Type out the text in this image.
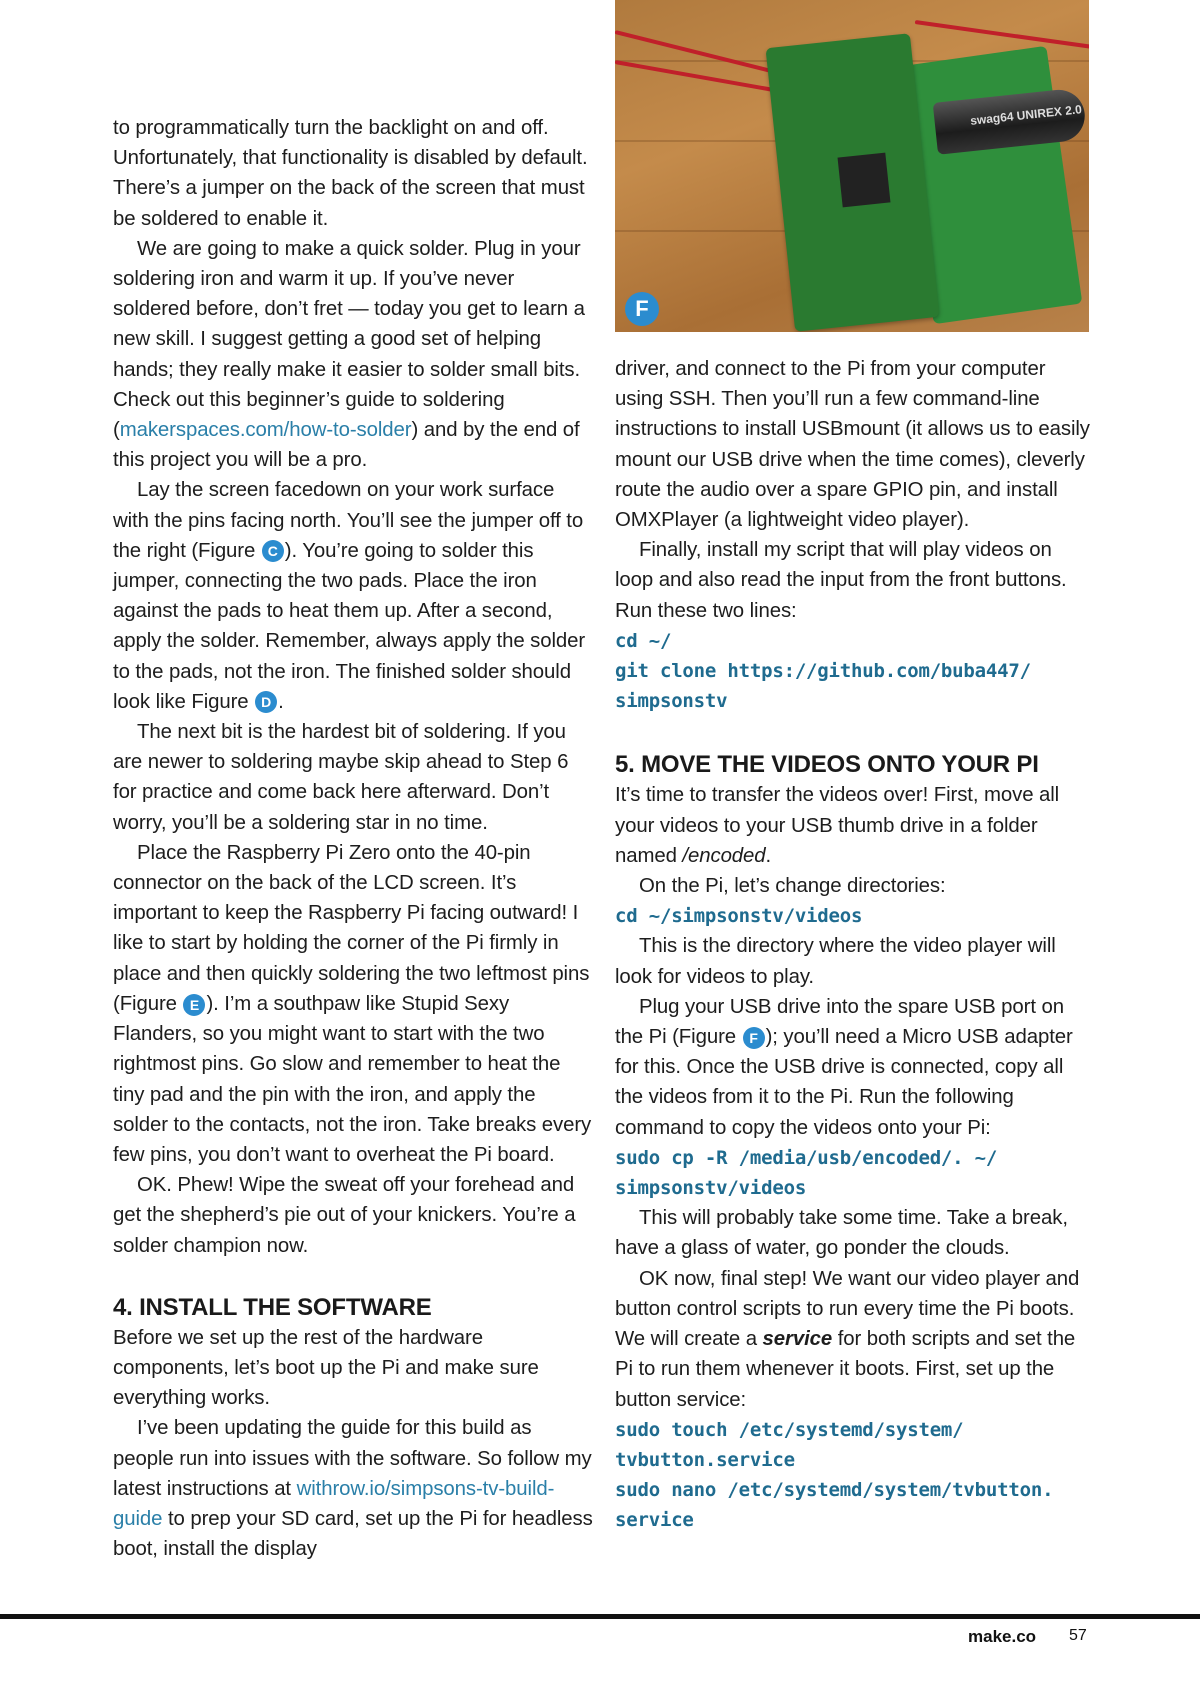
to programmatically turn the backlight on and off. Unfortunately, that functionality is disabled by default. There’s a jumper on the back of the screen that must be soldered to enable it.

We are going to make a quick solder. Plug in your soldering iron and warm it up. If you’ve never soldered before, don’t fret — today you get to learn a new skill. I suggest getting a good set of helping hands; they really make it easier to solder small bits. Check out this beginner’s guide to soldering (makerspaces.com/how-to-solder) and by the end of this project you will be a pro.

Lay the screen facedown on your work surface with the pins facing north. You’ll see the jumper off to the right (Figure C ). You’re going to solder this jumper, connecting the two pads. Place the iron against the pads to heat them up. After a second, apply the solder. Remember, always apply the solder to the pads, not the iron. The finished solder should look like Figure D .

The next bit is the hardest bit of soldering. If you are newer to soldering maybe skip ahead to Step 6 for practice and come back here afterward. Don’t worry, you’ll be a soldering star in no time.

Place the Raspberry Pi Zero onto the 40-pin connector on the back of the LCD screen. It’s important to keep the Raspberry Pi facing outward! I like to start by holding the corner of the Pi firmly in place and then quickly soldering the two leftmost pins (Figure E ). I’m a southpaw like Stupid Sexy Flanders, so you might want to start with the two rightmost pins. Go slow and remember to heat the tiny pad and the pin with the iron, and apply the solder to the contacts, not the iron. Take breaks every few pins, you don’t want to overheat the Pi board.

OK. Phew! Wipe the sweat off your forehead and get the shepherd’s pie out of your knickers. You’re a solder champion now.

4. INSTALL THE SOFTWARE

Before we set up the rest of the hardware components, let’s boot up the Pi and make sure everything works.

I’ve been updating the guide for this build as people run into issues with the software. So follow my latest instructions at withrow.io/simpsons-tv-build-guide to prep your SD card, set up the Pi for headless boot, install the display

swag64 UNIREX 2.0
F

driver, and connect to the Pi from your computer using SSH. Then you’ll run a few command-line instructions to install USBmount (it allows us to easily mount our USB drive when the time comes), cleverly route the audio over a spare GPIO pin, and install OMXPlayer (a lightweight video player).

Finally, install my script that will play videos on loop and also read the input from the front buttons. Run these two lines:

cd ~/
git clone https://github.com/buba447/
simpsonstv
5. MOVE THE VIDEOS ONTO YOUR PI

It’s time to transfer the videos over! First, move all your videos to your USB thumb drive in a folder named /encoded.

On the Pi, let’s change directories:

cd ~/simpsonstv/videos

This is the directory where the video player will look for videos to play.

Plug your USB drive into the spare USB port on the Pi (Figure F ); you’ll need a Micro USB adapter for this. Once the USB drive is connected, copy all the videos from it to the Pi. Run the following command to copy the videos onto your Pi:

sudo cp -R /media/usb/encoded/. ~/
simpsonstv/videos

This will probably take some time. Take a break, have a glass of water, go ponder the clouds.

OK now, final step! We want our video player and button control scripts to run every time the Pi boots. We will create a service for both scripts and set the Pi to run them whenever it boots. First, set up the button service:

sudo touch /etc/systemd/system/
tvbutton.service
sudo nano /etc/systemd/system/tvbutton.
service
make.co 57
